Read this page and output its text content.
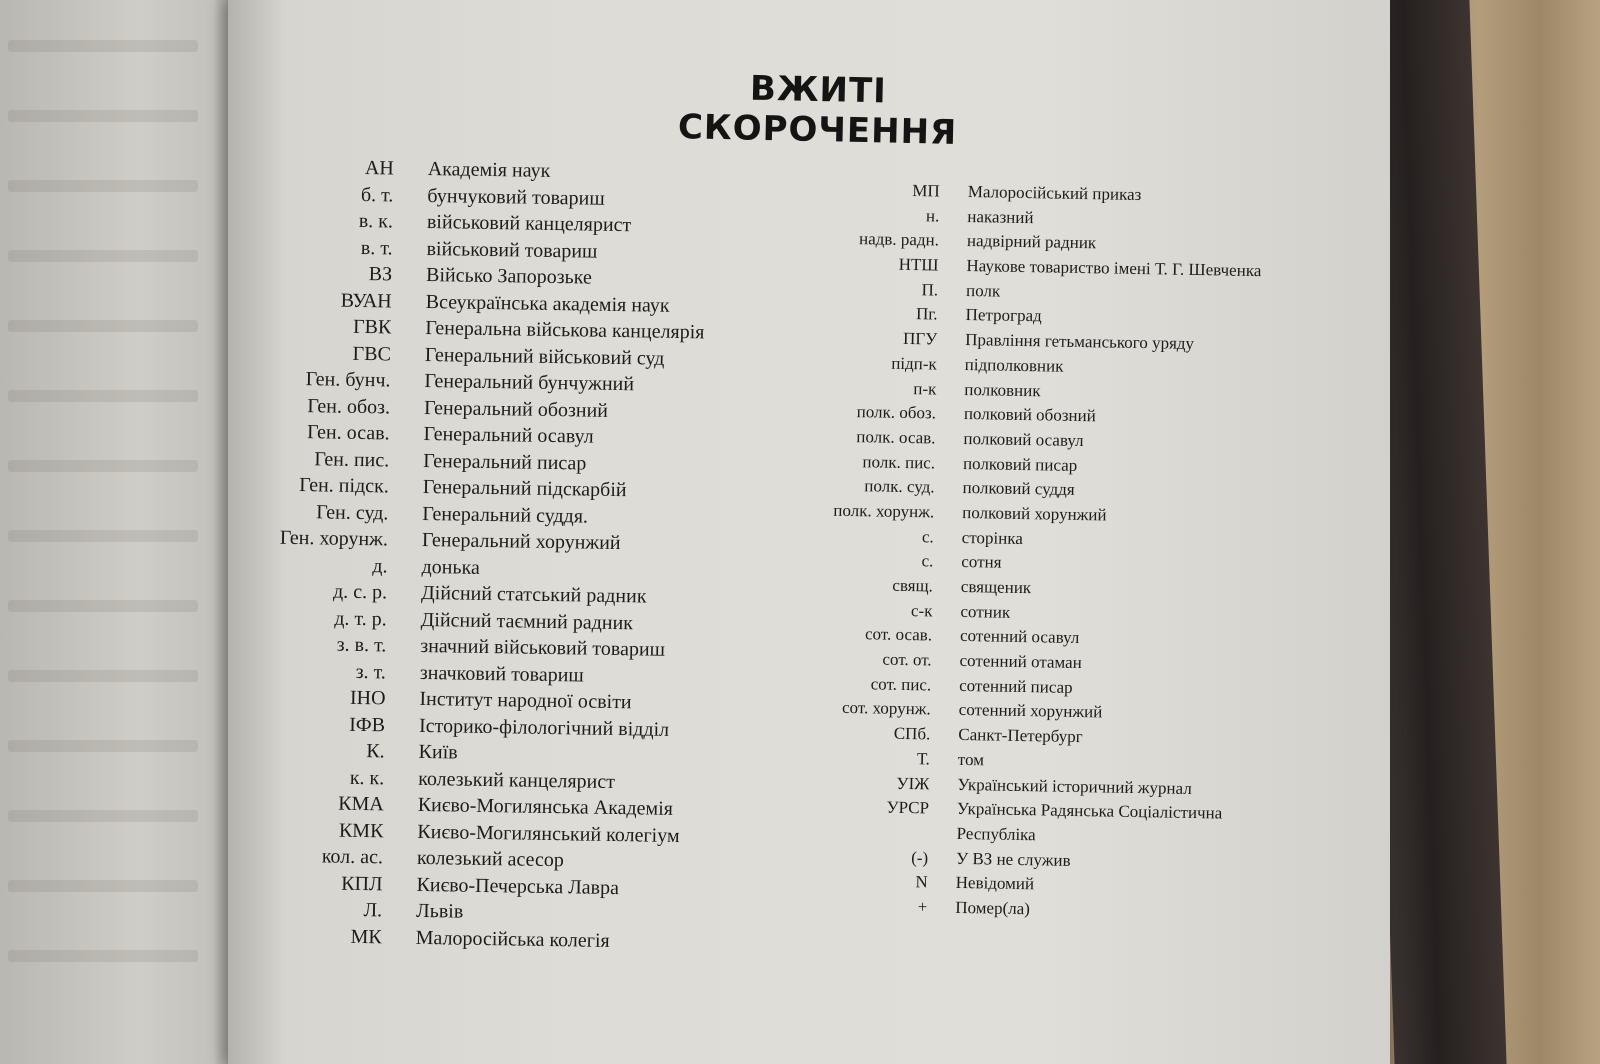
ВЖИТІ СКОРОЧЕННЯ
АН Академія наук
б. т. бунчуковий товариш
в. к. військовий канцелярист
в. т. військовий товариш
ВЗ Військо Запорозьке
ВУАН Всеукраїнська академія наук
ГВК Генеральна військова канцелярія
ГВС Генеральний військовий суд
Ген. бунч. Генеральний бунчужний
Ген. обоз. Генеральний обозний
Ген. осав. Генеральний осавул
Ген. пис. Генеральний писар
Ген. підск. Генеральний підскарбій
Ген. суд. Генеральний суддя.
Ген. хорунж. Генеральний хорунжий
д. донька
д. с. р. Дійсний статський радник
д. т. р. Дійсний таємний радник
з. в. т. значний військовий товариш
з. т. значковий товариш
ІНО Інститут народної освіти
ІФВ Історико-філологічний відділ
К. Київ
к. к. колезький канцелярист
КМА Києво-Могилянська Академія
КМК Києво-Могилянський колегіум
кол. ас. колезький асесор
КПЛ Києво-Печерська Лавра
Л. Львів
МК Малоросійська колегія
МП Малоросійський приказ
н. наказний
надв. радн. надвірний радник
НТШ Наукове товариство імені Т. Г. Шевченка
П. полк
Пг. Петроград
ПГУ Правління гетьманського уряду
підп-к підполковник
п-к полковник
полк. обоз. полковий обозний
полк. осав. полковий осавул
полк. пис. полковий писар
полк. суд. полковий суддя
полк. хорунж. полковий хорунжий
с. сторінка
с. сотня
свящ. священик
с-к сотник
сот. осав. сотенний осавул
сот. от. сотенний отаман
сот. пис. сотенний писар
сот. хорунж. сотенний хорунжий
СПб. Санкт-Петербург
Т. том
УІЖ Український історичний журнал
УРСР Українська Радянська Соціалістична
Республіка
(-) У ВЗ не служив
N Невідомий
+ Помер(ла)
